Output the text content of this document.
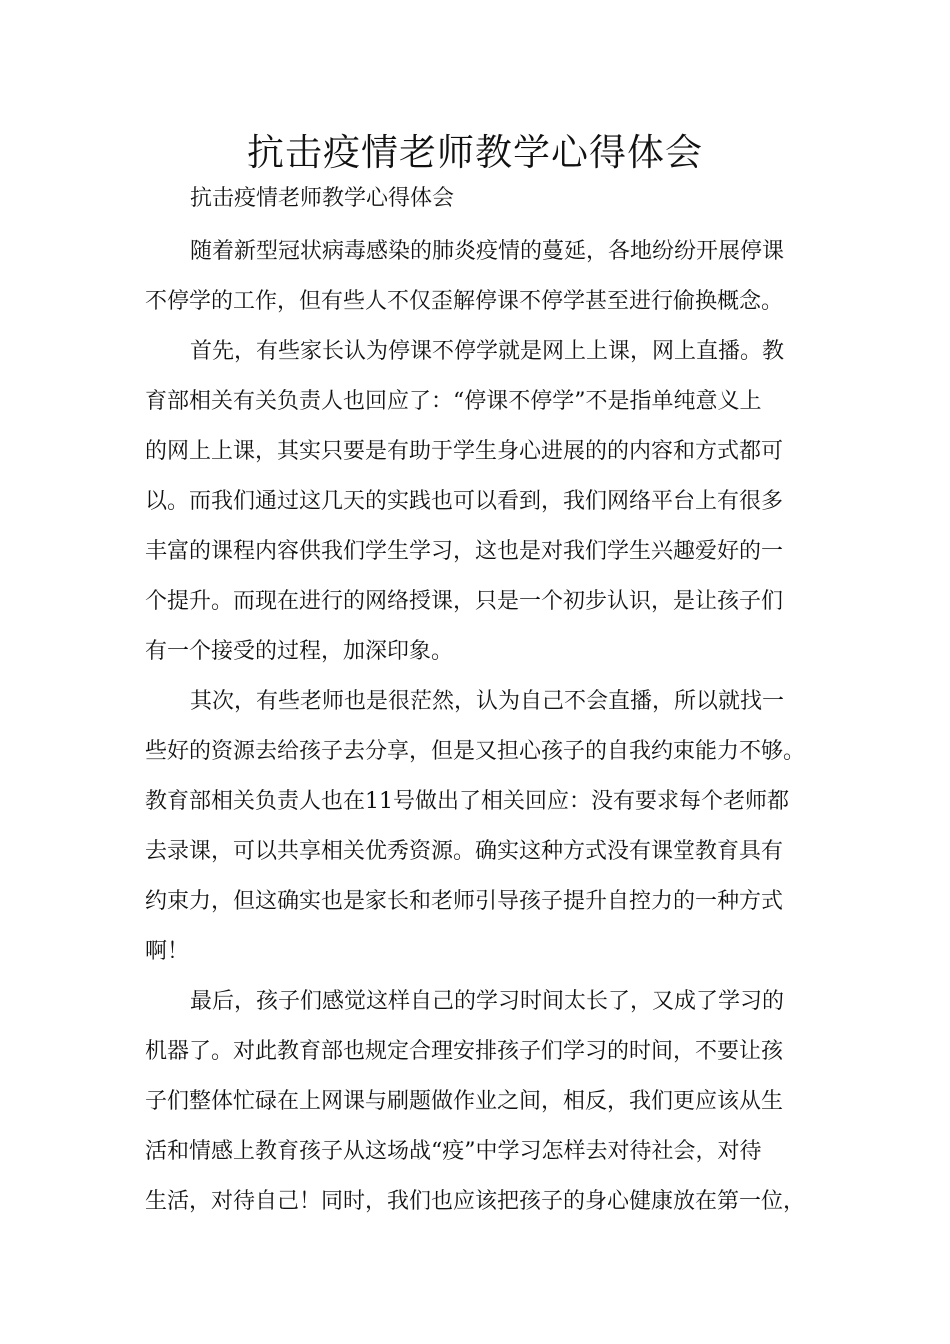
抗击疫情老师教学心得体会
抗击疫情老师教学心得体会
随着新型冠状病毒感染的肺炎疫情的蔓延，各地纷纷开展停课
不停学的工作，但有些人不仅歪解停课不停学甚至进行偷换概念。
首先，有些家长认为停课不停学就是网上上课，网上直播。教
育部相关有关负责人也回应了：“停课不停学”不是指单纯意义上
的网上上课，其实只要是有助于学生身心进展的的内容和方式都可
以。而我们通过这几天的实践也可以看到，我们网络平台上有很多
丰富的课程内容供我们学生学习，这也是对我们学生兴趣爱好的一
个提升。而现在进行的网络授课，只是一个初步认识，是让孩子们
有一个接受的过程，加深印象。
其次，有些老师也是很茫然，认为自己不会直播，所以就找一
些好的资源去给孩子去分享，但是又担心孩子的自我约束能力不够。
教育部相关负责人也在11号做出了相关回应：没有要求每个老师都
去录课，可以共享相关优秀资源。确实这种方式没有课堂教育具有
约束力，但这确实也是家长和老师引导孩子提升自控力的一种方式
啊！
最后，孩子们感觉这样自己的学习时间太长了，又成了学习的
机器了。对此教育部也规定合理安排孩子们学习的时间，不要让孩
子们整体忙碌在上网课与刷题做作业之间，相反，我们更应该从生
活和情感上教育孩子从这场战“疫”中学习怎样去对待社会，对待
生活，对待自己！同时，我们也应该把孩子的身心健康放在第一位，
